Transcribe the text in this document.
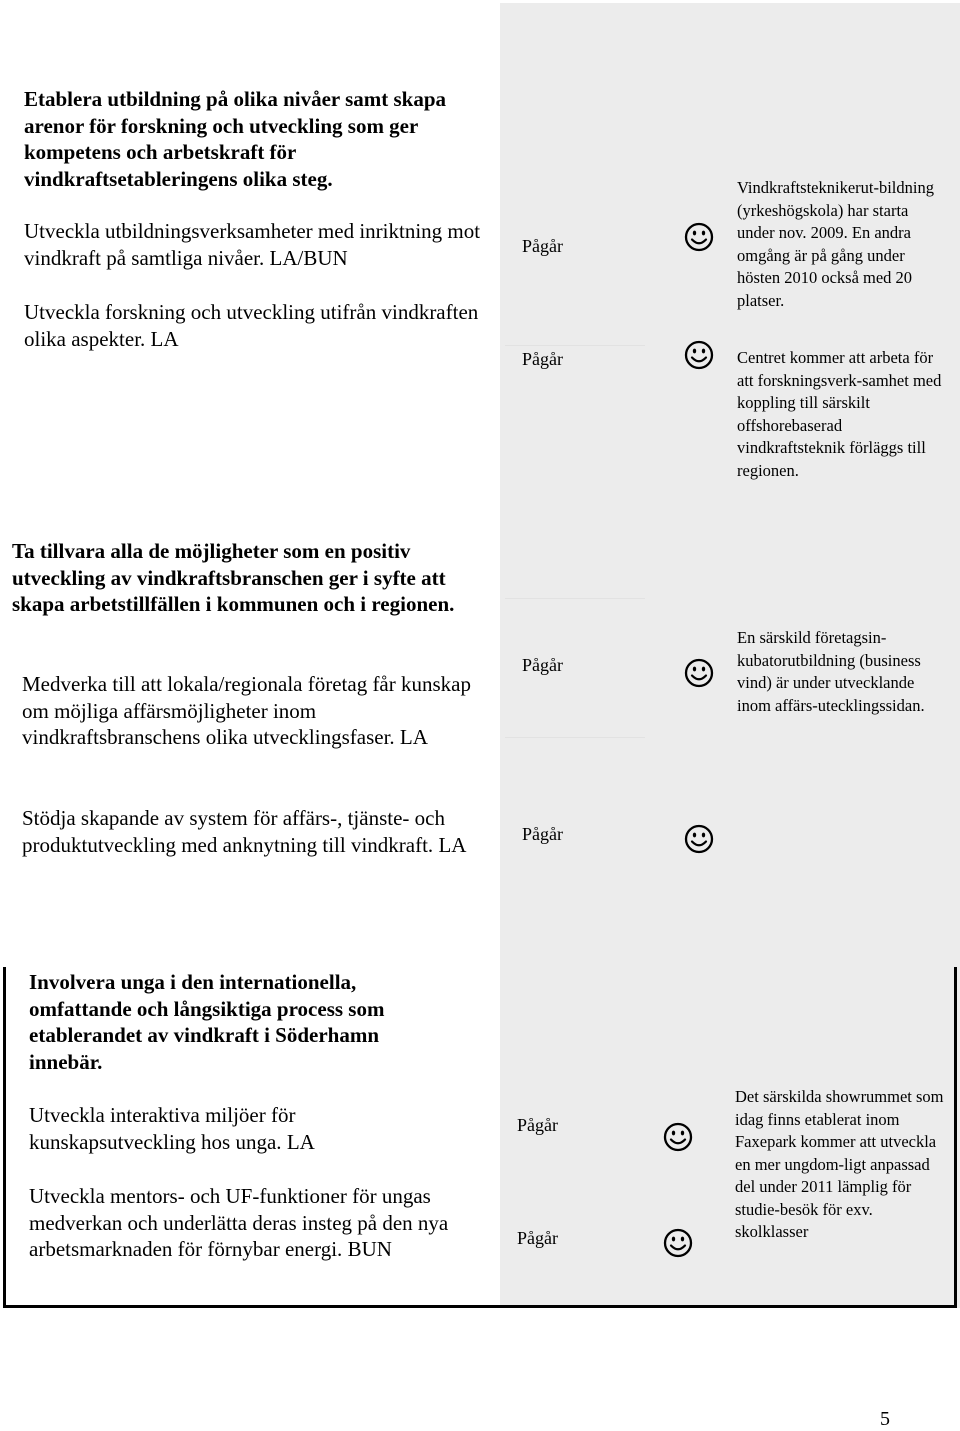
Etablera utbildning på olika nivåer samt skapa arenor för forskning och utveckling som ger kompetens och arbetskraft för vindkraftsetableringens olika steg.

Utveckla utbildningsverksamheter med inriktning mot vindkraft på samtliga nivåer. LA/BUN

Utveckla forskning och utveckling utifrån vindkraften olika aspekter. LA

Pågår
Pågår

Vindkraftsteknikerut-bildning (yrkeshögskola) har starta under nov. 2009. En andra omgång är på gång under hösten 2010 också med 20 platser.

Centret kommer att arbeta för att forskningsverk-samhet med koppling till särskilt offshorebaserad vindkraftsteknik förläggs till regionen.

Ta tillvara alla de möjligheter som en positiv utveckling av vindkraftsbranschen ger i syfte att skapa arbetstillfällen i kommunen och i regionen.

Medverka till att lokala/regionala företag får kunskap om möjliga affärsmöjligheter inom vindkraftsbranschens olika utvecklingsfaser. LA

Pågår

En särskild företagsin-kubatorutbildning (business vind) är under utvecklande inom affärs-utecklingssidan.

Stödja skapande av system för affärs-, tjänste- och produktutveckling med anknytning till vindkraft. LA	Pågår

Involvera unga i den internationella, omfattande och långsiktiga process som etablerandet av vindkraft i Söderhamn innebär.

Utveckla interaktiva miljöer för kunskapsutveckling hos unga. LA

Utveckla mentors- och UF-funktioner för ungas medverkan och underlätta deras insteg på den nya arbetsmarknaden för förnybar energi. BUN

Pågår
Pågår

Det särskilda showrummet som idag finns etablerat inom Faxepark kommer att utveckla en mer ungdom-ligt anpassad del under 2011 lämplig för studie-besök för exv. skolklasser

5
